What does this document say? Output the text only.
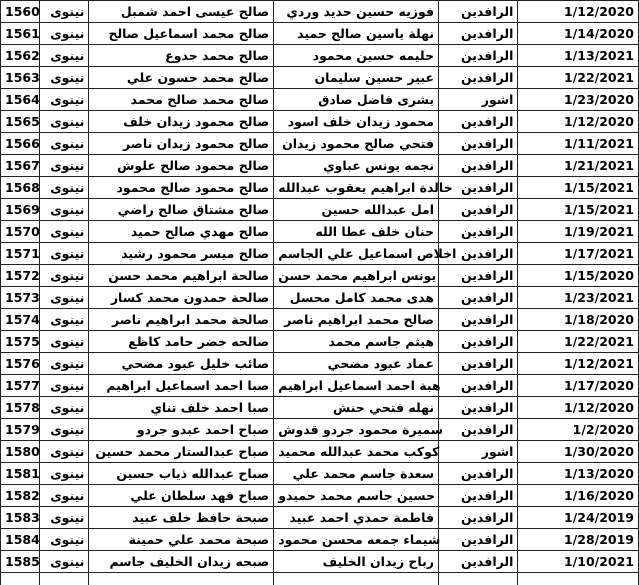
1560	نينوى	صالح عيسى احمد شمبل	فوزيه حسين حديد وردي	الرافدين	1/12/2020
1561	نينوى	صالح محمد اسماعيل صالح	نهلة ياسين صالح حميد	الرافدين	1/14/2020
1562	نينوى	صالح محمد جدوع	حليمه حسين محمود	الرافدين	1/13/2021
1563	نينوى	صالح محمد حسون علي	عبير حسين سليمان	الرافدين	1/22/2021
1564	نينوى	صالح محمد صالح محمد	بشرى فاضل صادق	اشور	1/23/2020
1565	نينوى	صالح محمود زيدان خلف	محمود زيدان خلف اسود	الرافدين	1/12/2020
1566	نينوى	صالح محمود زيدان ناصر	فتحي صالح محمود زيدان	الرافدين	1/11/2021
1567	نينوى	صالح محمود صالح علوش	نجمه يونس عباوي	الرافدين	1/21/2021
1568	نينوى	صالح محمود صالح محمود	خالدة ابراهيم يعقوب عبدالله	الرافدين	1/15/2021
1569	نينوى	صالح مشتاق صالح راضي	امل عبدالله حسين	الرافدين	1/15/2021
1570	نينوى	صالح مهدي صالح حميد	حنان خلف عطا الله	الرافدين	1/19/2021
1571	نينوى	صالح ميسر محمود رشيد	اخلاص اسماعيل علي الجاسم	الرافدين	1/17/2021
1572	نينوى	صالحة ابراهيم محمد حسن	يونس ابراهيم محمد حسن	الرافدين	1/15/2020
1573	نينوى	صالحة حمدون محمد كسار	هدى محمد كامل محسل	الرافدين	1/23/2021
1574	نينوى	صالحة محمد ابراهيم ناصر	صالح محمد ابراهيم ناصر	الرافدين	1/18/2020
1575	نينوى	صالحه خضر حامد كاظع	هيثم جاسم محمد	الرافدين	1/22/2021
1576	نينوى	صائب خليل عبود مضحي	عماد عبود مضحي	الرافدين	1/12/2021
1577	نينوى	صبا احمد اسماعيل ابراهيم	هبة احمد اسماعيل ابراهيم	الرافدين	1/17/2020
1578	نينوى	صبا احمد خلف تناي	نهله فتحي حنش	الرافدين	1/12/2020
1579	نينوى	صباح احمد عبدو جردو	سميرة محمود جردو قدوش	الرافدين	1/2/2020
1580	نينوى	صباح عبدالستار محمد حسين	كوكب محمد عبدالله محميد	اشور	1/30/2020
1581	نينوى	صباح عبدالله ذياب حسين	سعدة جاسم محمد علي	الرافدين	1/13/2020
1582	نينوى	صباح فهد سلطان علي	حسين جاسم محمد حميدو	الرافدين	1/16/2020
1583	نينوى	صبحة حافظ خلف عبيد	فاطمة حمدي احمد عبيد	الرافدين	1/24/2019
1584	نينوى	صبحة محمد علي حمينة	شيماء جمعه محسن محمود	الرافدين	1/28/2019
1585	نينوى	صبحه زيدان الخليف جاسم	رباح زيدان الخليف	الرافدين	1/10/2021
